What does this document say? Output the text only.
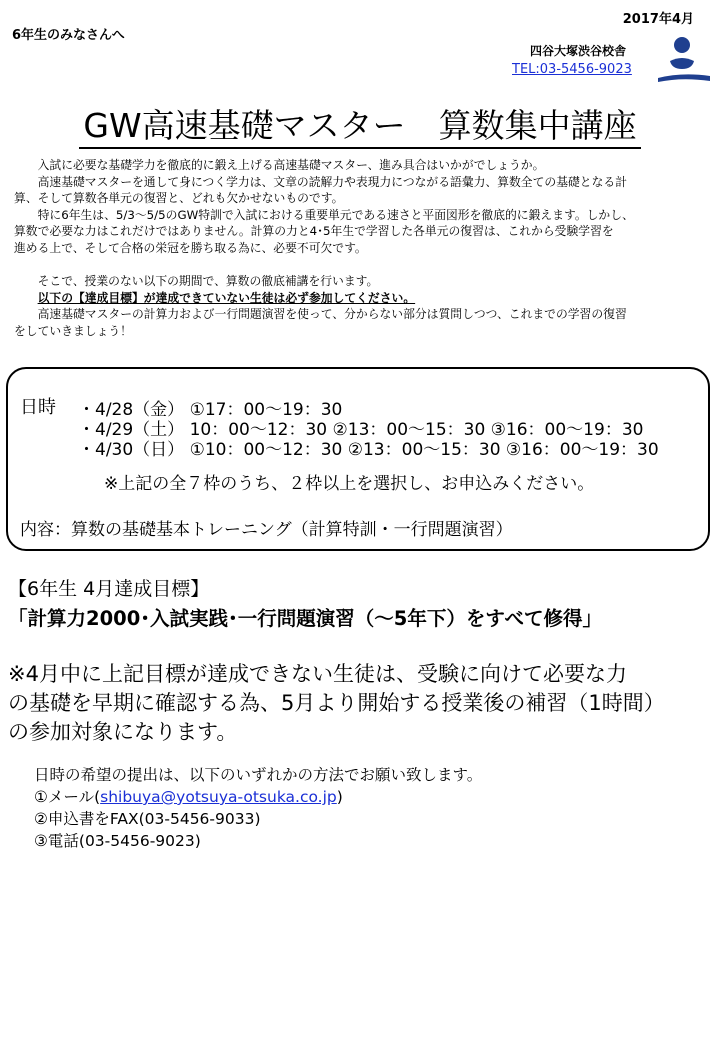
2017年4月
6年生のみなさんへ
四谷大塚渋谷校舎
TEL:03-5456-9023
GW高速基礎マスター　算数集中講座

　　入試に必要な基礎学力を徹底的に鍛え上げる高速基礎マスター、進み具合はいかがでしょうか。

　　高速基礎マスターを通して身につく学力は、文章の読解力や表現力につながる語彙力、算数全ての基礎となる計

算、そして算数各単元の復習と、どれも欠かせないものです。

　　特に6年生は、5/3～5/5のGW特訓で入試における重要単元である速さと平面図形を徹底的に鍛えます。しかし、

算数で必要な力はこれだけではありません。計算の力と4･5年生で学習した各単元の復習は、これから受験学習を

進める上で、そして合格の栄冠を勝ち取る為に、必要不可欠です。

　　そこで、授業のない以下の期間で、算数の徹底補講を行います。

　　以下の【達成目標】が達成できていない生徒は必ず参加してください。

　　高速基礎マスターの計算力および一行問題演習を使って、分からない部分は質問しつつ、これまでの学習の復習

をしていきましょう！

日時 ・4/28（金） ①17：00～19：30
・4/29（土） 10：00～12：30 ②13：00～15：30 ③16：00～19：30
・4/30（日） ①10：00～12：30 ②13：00～15：30 ③16：00～19：30
※上記の全７枠のうち、２枠以上を選択し、お申込みください。
内容：算数の基礎基本トレーニング（計算特訓・一行問題演習）
【6年生 4月達成目標】
「計算力2000･入試実践･一行問題演習（～5年下）をすべて修得」

※4月中に上記目標が達成できない生徒は、受験に向けて必要な力

の基礎を早期に確認する為、5月より開始する授業後の補習（1時間）

の参加対象になります。

日時の希望の提出は、以下のいずれかの方法でお願い致します。

①メール(shibuya@yotsuya-otsuka.co.jp)

②申込書をFAX(03-5456-9033)

③電話(03-5456-9023)
